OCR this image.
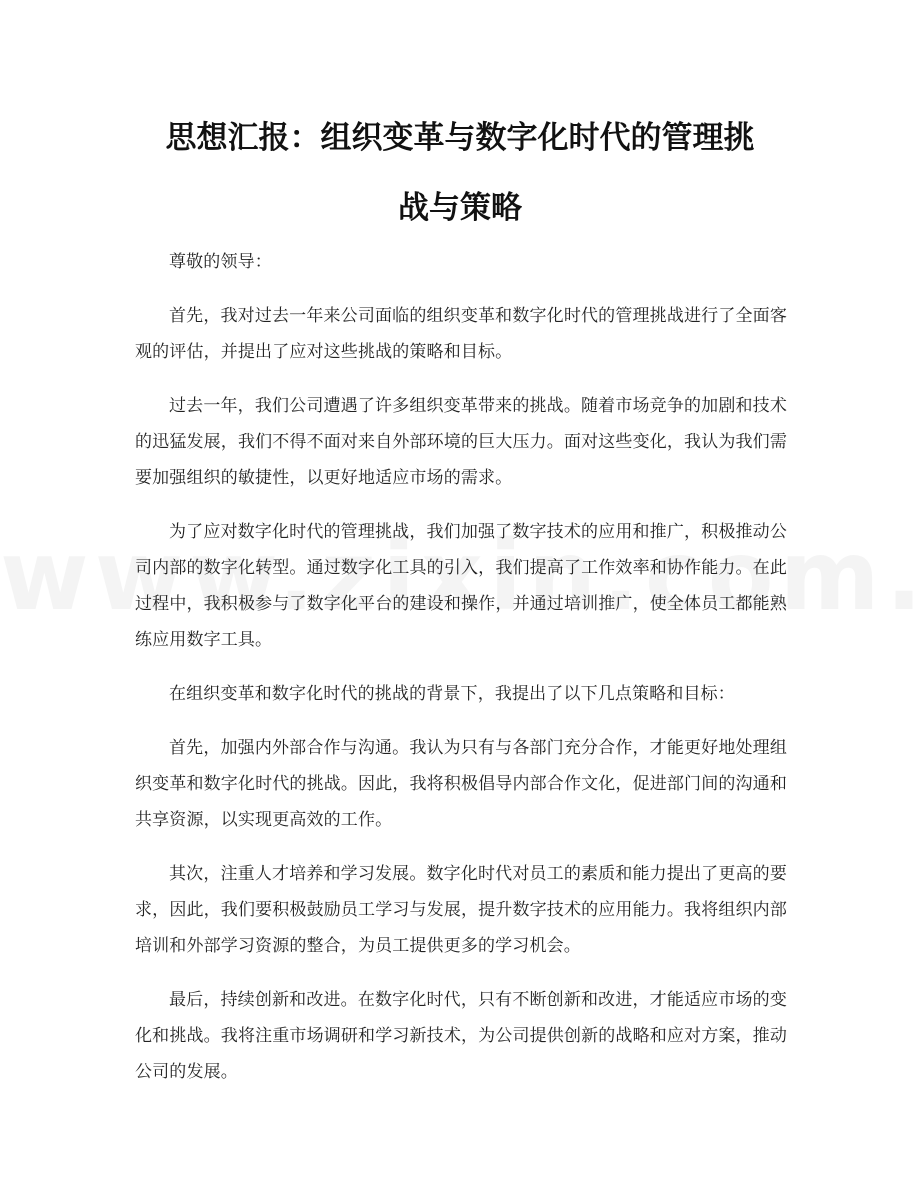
思想汇报：组织变革与数字化时代的管理挑
战与策略

尊敬的领导：

首先，我对过去一年来公司面临的组织变革和数字化时代的管理挑战进行了全面客观的评估，并提出了应对这些挑战的策略和目标。

过去一年，我们公司遭遇了许多组织变革带来的挑战。随着市场竞争的加剧和技术的迅猛发展，我们不得不面对来自外部环境的巨大压力。面对这些变化，我认为我们需要加强组织的敏捷性，以更好地适应市场的需求。

为了应对数字化时代的管理挑战，我们加强了数字技术的应用和推广，积极推动公司内部的数字化转型。通过数字化工具的引入，我们提高了工作效率和协作能力。在此过程中，我积极参与了数字化平台的建设和操作，并通过培训推广，使全体员工都能熟练应用数字工具。

在组织变革和数字化时代的挑战的背景下，我提出了以下几点策略和目标：

首先，加强内外部合作与沟通。我认为只有与各部门充分合作，才能更好地处理组织变革和数字化时代的挑战。因此，我将积极倡导内部合作文化，促进部门间的沟通和共享资源，以实现更高效的工作。

其次，注重人才培养和学习发展。数字化时代对员工的素质和能力提出了更高的要求，因此，我们要积极鼓励员工学习与发展，提升数字技术的应用能力。我将组织内部培训和外部学习资源的整合，为员工提供更多的学习机会。

最后，持续创新和改进。在数字化时代，只有不断创新和改进，才能适应市场的变化和挑战。我将注重市场调研和学习新技术，为公司提供创新的战略和应对方案，推动公司的发展。
